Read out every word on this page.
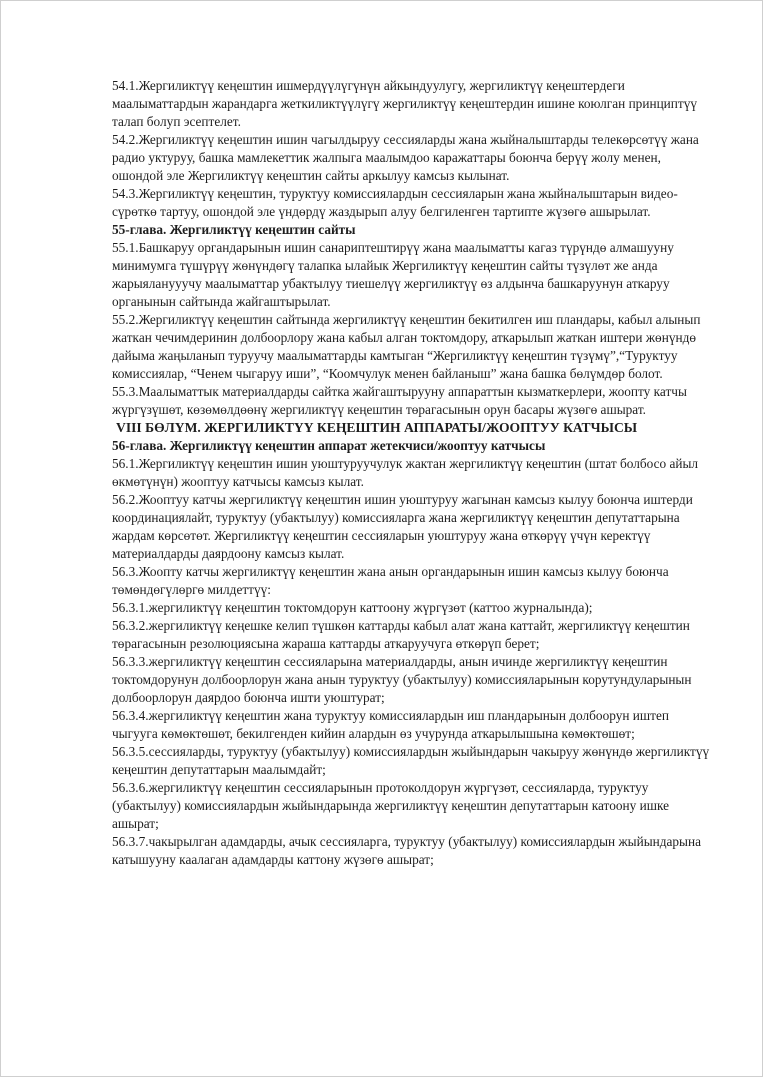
54.1.Жергиликтүү кеңештин ишмердүүлүгүнүн айкындуулугу, жергиликтүү кеңештердеги маалыматтардын жарандарга жеткиликтүүлүгү жергиликтүү кеңештердин ишине коюлган принциптүү талап болуп эсептелет.
54.2.Жергиликтүү кеңештин ишин чагылдыруу сессияларды жана жыйналыштарды телекөрсөтүү жана радио уктуруу, башка мамлекеттик жалпыга маалымдоо каражаттары боюнча берүү жолу менен, ошондой эле Жергиликтүү кеңештин сайты аркылуу камсыз кылынат.
54.3.Жергиликтүү кеңештин, туруктуу комиссиялардын сессияларын жана жыйналыштарын видео-сүрөткө тартуу, ошондой эле үндөрдү жаздырып алуу белгиленген тартипте жүзөгө ашырылат.
55-глава. Жергиликтүү кеңештин сайты
55.1.Башкаруу органдарынын ишин санариптештирүү жана маалыматты кагаз түрүндө алмашууну минимумга түшүрүү жөнүндөгү талапка ылайык Жергиликтүү кеңештин сайты түзүлөт же анда жарыяланууучу маалыматтар убактылуу тиешелүү жергиликтүү өз алдынча башкаруунун аткаруу органынын сайтында жайгаштырылат.
55.2.Жергиликтүү кеңештин сайтында жергиликтүү кеңештин бекитилген иш пландары, кабыл алынып жаткан чечимдеринин долбоорлору жана кабыл алган токтомдору, аткарылып жаткан иштери жөнүндө дайыма жаңыланып туруучу маалыматтарды камтыган “Жергиликтүү кеңештин түзүмү”,“Туруктуу комиссиялар, “Ченем чыгаруу иши”, “Коомчулук менен байланыш” жана башка бөлүмдөр болот.
55.3.Маалыматтык материалдарды сайтка жайгаштырууну аппараттын кызматкерлери, жоопту катчы жүргүзүшөт, көзөмөлдөөнү жергиликтүү кеңештин төрагасынын орун басары жүзөгө ашырат.
VIII БӨЛҮМ. ЖЕРГИЛИКТҮҮ КЕҢЕШТИН АППАРАТЫ/ЖООПТУУ КАТЧЫСЫ
56-глава. Жергиликтүү кеңештин аппарат жетекчиси/жооптуу катчысы
56.1.Жергиликтүү кеңештин ишин уюштуруучулук жактан жергиликтүү кеңештин (штат болбосо айыл өкмөтүнүн) жооптуу катчысы камсыз кылат.
56.2.Жооптуу катчы жергиликтүү кеңештин ишин уюштуруу жагынан камсыз кылуу боюнча иштерди координациялайт, туруктуу (убактылуу) комиссияларга жана жергиликтүү кеңештин депутаттарына жардам көрсөтөт. Жергиликтүү кеңештин сессияларын уюштуруу жана өткөрүү үчүн керектүү материалдарды даярдоону камсыз кылат.
56.3.Жоопту катчы жергиликтүү кеңештин жана анын органдарынын ишин камсыз кылуу боюнча төмөндөгүлөргө милдеттүү:
56.3.1.жергиликтүү кеңештин токтомдорун каттоону жүргүзөт (каттоо журналында);
56.3.2.жергиликтүү кеңешке келип түшкөн каттарды кабыл алат жана каттайт, жергиликтүү кеңештин төрагасынын резолюциясына жараша каттарды аткаруучуга өткөрүп берет;
56.3.3.жергиликтүү кеңештин сессияларына материалдарды, анын ичинде жергиликтүү кеңештин токтомдорунун долбоорлорун жана анын туруктуу (убактылуу) комиссияларынын корутундуларынын долбоорлорун даярдоо боюнча ишти уюштурат;
56.3.4.жергиликтүү кеңештин жана туруктуу комиссиялардын иш пландарынын долбоорун иштеп чыгууга көмөктөшөт, бекилгенден кийин алардын өз учурунда аткарылышына көмөктөшөт;
56.3.5.сессияларды, туруктуу (убактылуу) комиссиялардын жыйындарын чакыруу жөнүндө жергиликтүү кеңештин депутаттарын маалымдайт;
56.3.6.жергиликтүү кеңештин сессияларынын протоколдорун жүргүзөт, сессияларда, туруктуу (убактылуу) комиссиялардын жыйындарында жергиликтүү кеңештин депутаттарын катоону ишке ашырат;
56.3.7.чакырылган адамдарды, ачык сессияларга, туруктуу (убактылуу) комиссиялардын жыйындарына катышууну каалаган адамдарды каттону жүзөгө ашырат;
